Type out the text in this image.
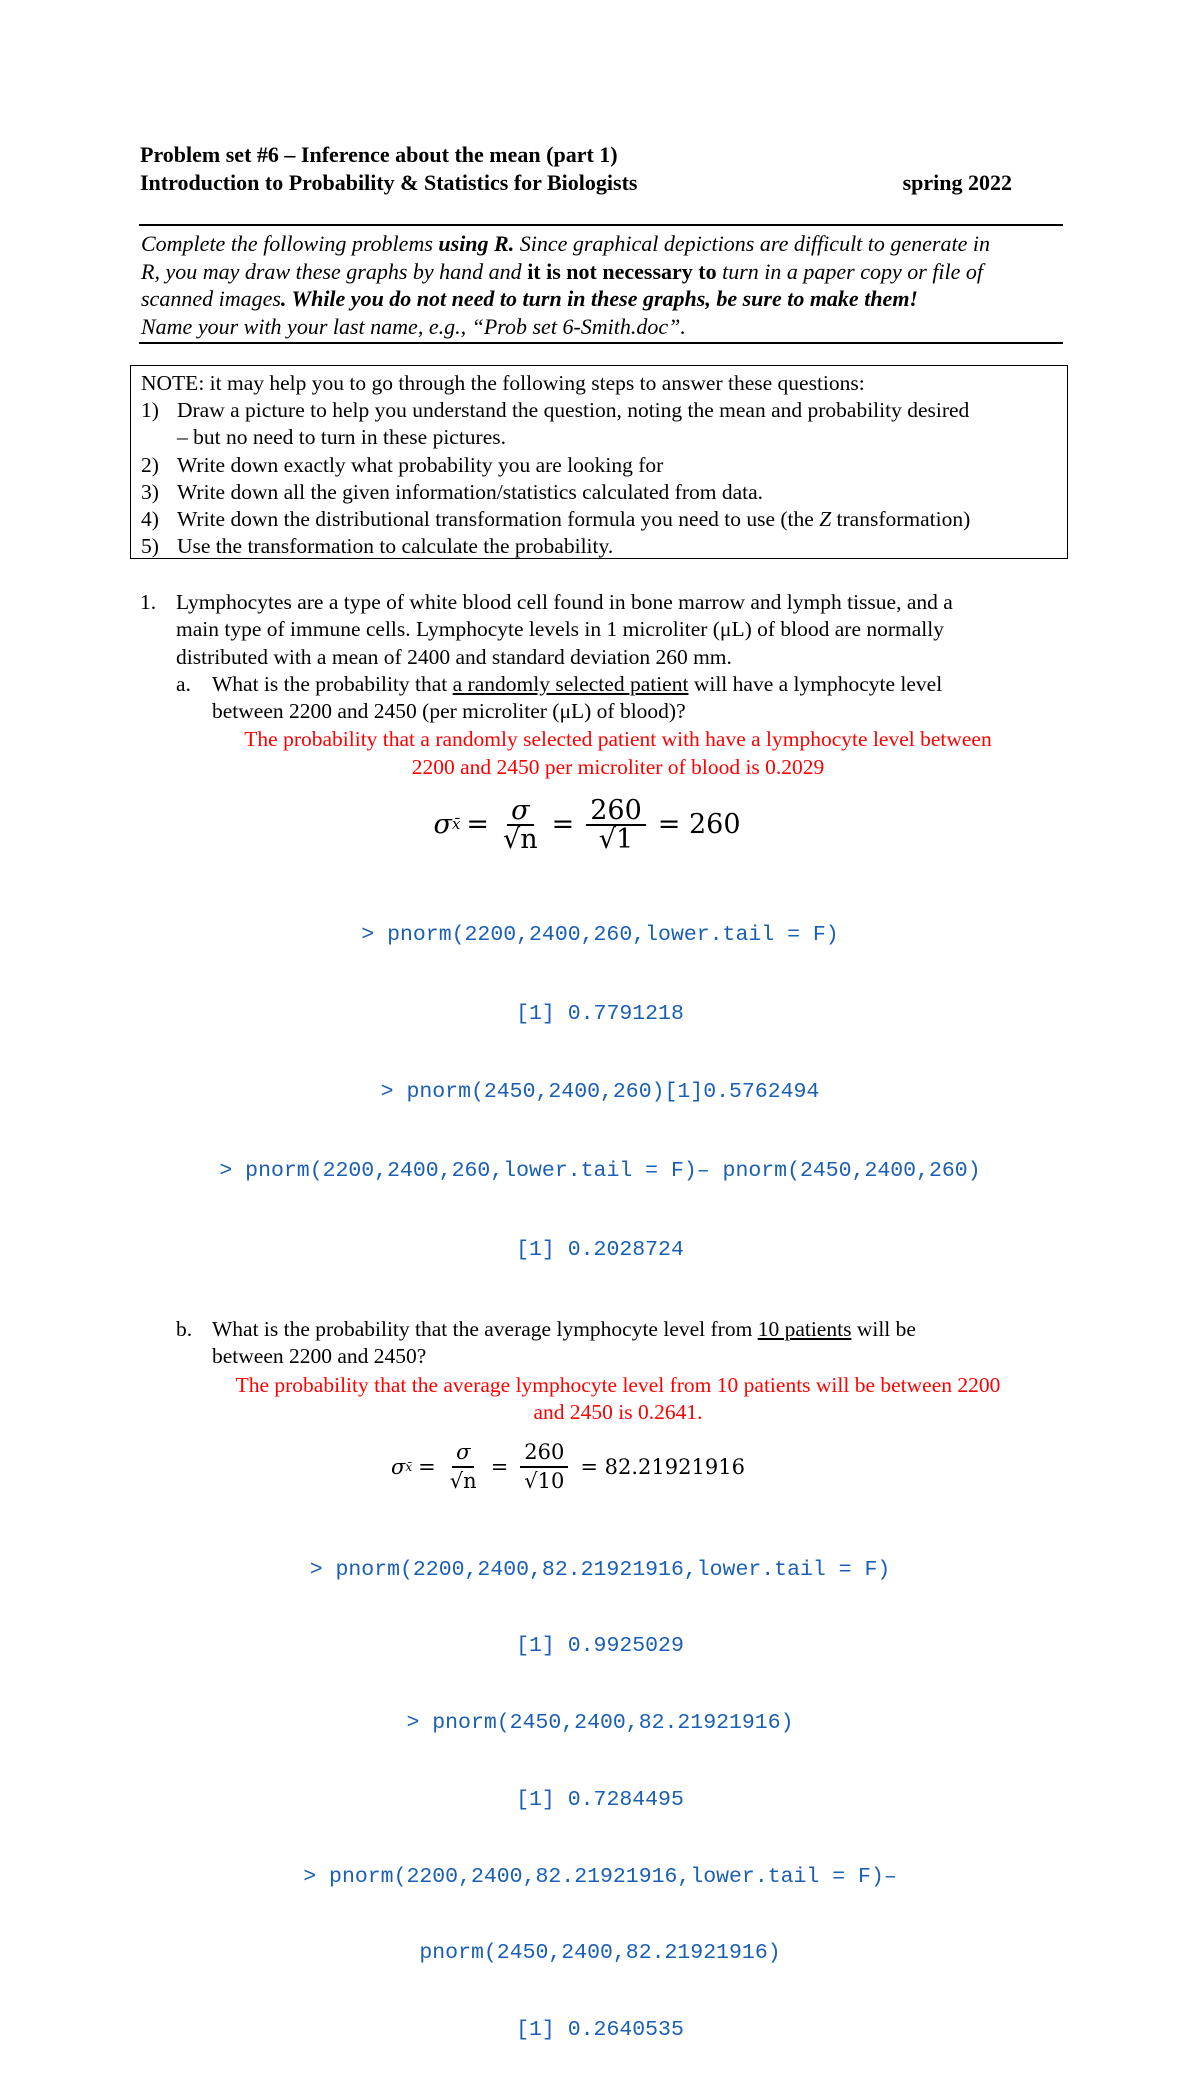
Problem set #6 – Inference about the mean (part 1)
Introduction to Probability & Statistics for Biologists	spring 2022
Complete the following problems using R. Since graphical depictions are difficult to generate in
R, you may draw these graphs by hand and it is not necessary to turn in a paper copy or file of
scanned images. While you do not need to turn in these graphs, be sure to make them!
Name your with your last name, e.g., “Prob set 6-Smith.doc”.
NOTE: it may help you to go through the following steps to answer these questions:
1) Draw a picture to help you understand the question, noting the mean and probability desired
– but no need to turn in these pictures.
2) Write down exactly what probability you are looking for
3) Write down all the given information/statistics calculated from data.
4) Write down the distributional transformation formula you need to use (the Z transformation)
5) Use the transformation to calculate the probability.
1. Lymphocytes are a type of white blood cell found in bone marrow and lymph tissue, and a
main type of immune cells. Lymphocyte levels in 1 microliter (μL) of blood are normally
distributed with a mean of 2400 and standard deviation 260 mm.
a. What is the probability that a randomly selected patient will have a lymphocyte level
between 2200 and 2450 (per microliter (μL) of blood)?
The probability that a randomly selected patient with have a lymphocyte level between
2200 and 2450 per microliter of blood is 0.2029
σ x̄ = $\frac{\sigma}{√n} = \frac{260}{√1} = 260$

> pnorm(2200,2400,260,lower.tail = F)

[1] 0.7791218

> pnorm(2450,2400,260)[1]0.5762494

> pnorm(2200,2400,260,lower.tail = F)– pnorm(2450,2400,260)

[1] 0.2028724

b. What is the probability that the average lymphocyte level from 10 patients will be
between 2200 and 2450?
The probability that the average lymphocyte level from 10 patients will be between 2200
and 2450 is 0.2641.
σ x̄ = $\frac{\sigma}{√n} = \frac{260}{√10} = 82.21921916$

> pnorm(2200,2400,82.21921916,lower.tail = F)

[1] 0.9925029

> pnorm(2450,2400,82.21921916)

[1] 0.7284495

> pnorm(2200,2400,82.21921916,lower.tail = F)–

pnorm(2450,2400,82.21921916)

[1] 0.2640535
